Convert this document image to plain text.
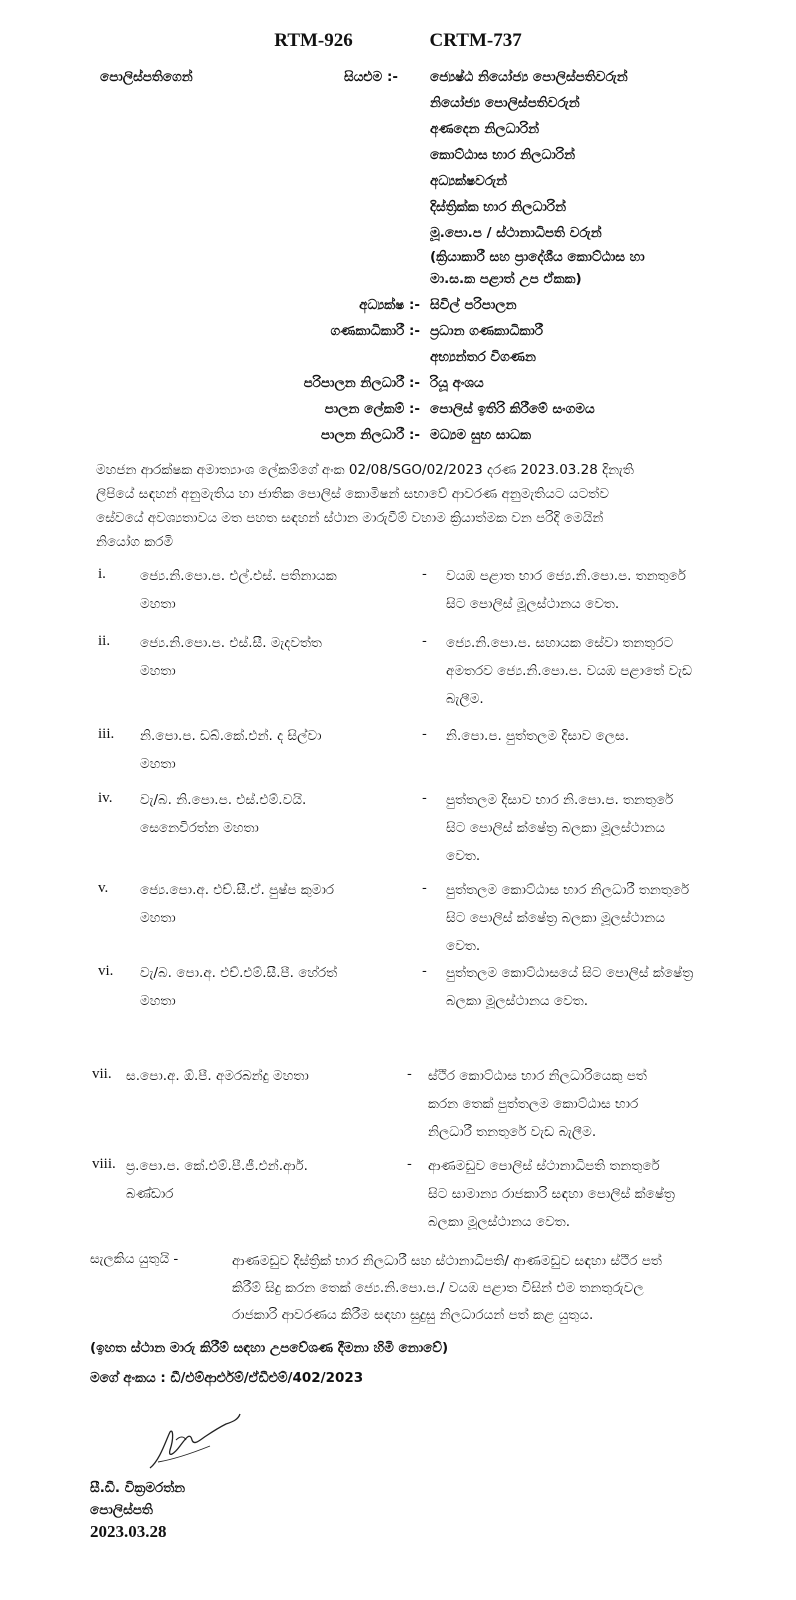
RTM-926	CRTM-737
පොලිස්පතිගෙන්	සියළුම :- ජ්‍යෙෂ්ඨ නියෝජ්‍ය පොලිස්පතිවරුන්
නියෝජ්‍ය පොලිස්පතිවරුන්
අණදෙන නිලධාරින්
කොට්ඨාස භාර නිලධාරින්
අධ්‍යක්ෂවරුන්
දිස්ත්‍රික්ක භාර නිලධාරින්
මූ.පො.ප / ස්ථානාධිපති වරුන්
(ක්‍රියාකාරී සහ ප්‍රාදේශීය කොට්ඨාස හා
මා.ස.ක පළාත් උප ඒකක)
අධ්‍යක්ෂ :- සිවිල් පරිපාලන
ගණකාධිකාරී :- ප්‍රධාන ගණකාධිකාරී
අභ්‍යන්තර විගණන
පරිපාලන නිලධාරී :- රියූ අංශය
පාලන ලේකම් :- පොලිස් ඉතිරි කිරීමේ සංගමය
පාලන නිලධාරී :- මධ්‍යම සුභ සාධක
මහජන ආරක්ෂක අමාත්‍යාංශ ලේකම්ගේ අංක 02/08/SGO/02/2023 දරණ 2023.03.28 දිනැති
ලිපියේ සඳහන් අනුමැතිය හා ජාතික පොලිස් කොමිෂන් සභාවේ ආවරණ අනුමැතියට යටත්ව
සේවයේ අවශ්‍යතාවය මත පහත සඳහන් ස්ථාන මාරුවීම් වහාම ක්‍රියාත්මක වන පරිදි මෙයින්
නියෝග කරමි
i.	ජ්‍යෙ.නි.පො.ප. එල්.එස්. පතිනායක
මහතා
- වයඹ පළාත භාර ජ්‍යෙ.නි.පො.ප. තනතුරේ
සිට පොලිස් මූලස්ථානය වෙත.
ii. ජ්‍යෙ.නි.පො.ප. එස්.සී. මැදවත්ත
මහතා
- ජ්‍යෙ.නි.පො.ප. සහායක සේවා තනතුරට
අමතරව ජ්‍යෙ.නි.පො.ප. වයඹ පළාතේ වැඩ
බැලීම.
iii. නි.පො.ප. ඩබ්.කේ.එන්. ද සිල්වා
මහතා
- නි.පො.ප. පුත්තලම දිසාව ලෙස.
iv. වැ/බ. නි.පො.ප. එස්.එම්.වයි.
සෙනෙවිරත්න මහතා
- පුත්තලම දිසාව භාර නි.පො.ප. තනතුරේ
සිට පොලිස් ක්ෂේත්‍ර බලකා මූලස්ථානය
වෙත.
v. ජ්‍යෙ.පො.අ. එච්.සී.ඒ. පුෂ්ප කුමාර
මහතා
- පුත්තලම කොට්ඨාස භාර නිලධාරී තනතුරේ
සිට පොලිස් ක්ෂේත්‍ර බලකා මූලස්ථානය
වෙත.
vi. වැ/බ. පො.අ. එච්.එම්.සී.පී. හේරත්
මහතා
- පුත්තලම කොට්ඨාසයේ සිට පොලිස් ක්ෂේත්‍ර
බලකා මූලස්ථානය වෙත.
vii. ස.පො.අ. ඕ.පී. අමරබන්දු මහතා	- ස්ථිර කොට්ඨාස භාර නිලධාරියෙකු පත්
කරන තෙක් පුත්තලම කොට්ඨාස භාර
නිලධාරී තනතුරේ වැඩ බැලීම.
viii. ප්‍ර.පො.ප. කේ.එම්.පී.ජී.එන්.ආර්.
බණ්ඩාර
- ආණමඩුව පොලිස් ස්ථානාධිපති තනතුරේ
සිට සාමාන්‍ය රාජකාරි සඳහා පොලිස් ක්ෂේත්‍ර
බලකා මූලස්ථානය වෙත.
සැලකිය යුතුයි -	ආණමඩුව දිස්ත්‍රික් භාර නිලධාරී සහ ස්ථානාධිපති/ ආණමඩුව සඳහා ස්ථිර පත්
කිරීම් සිදු කරන තෙක් ජ්‍යෙ.නි.පො.ප./ වයඹ පළාත විසින් එම තනතුරුවල
රාජකාරි ආවරණය කිරීම සඳහා සුදුසු නිලධාරයන් පත් කළ යුතුය.
(ඉහත ස්ථාන මාරු කිරීම් සඳහා උපවේශණ දීමනා හිමි නොවේ)
මගේ අංකය : ඩී/එම්ආර්එම්/ඒඩීඑම්/402/2023
සී.ඩී. වික්‍රමරත්න
පොලිස්පති
2023.03.28
